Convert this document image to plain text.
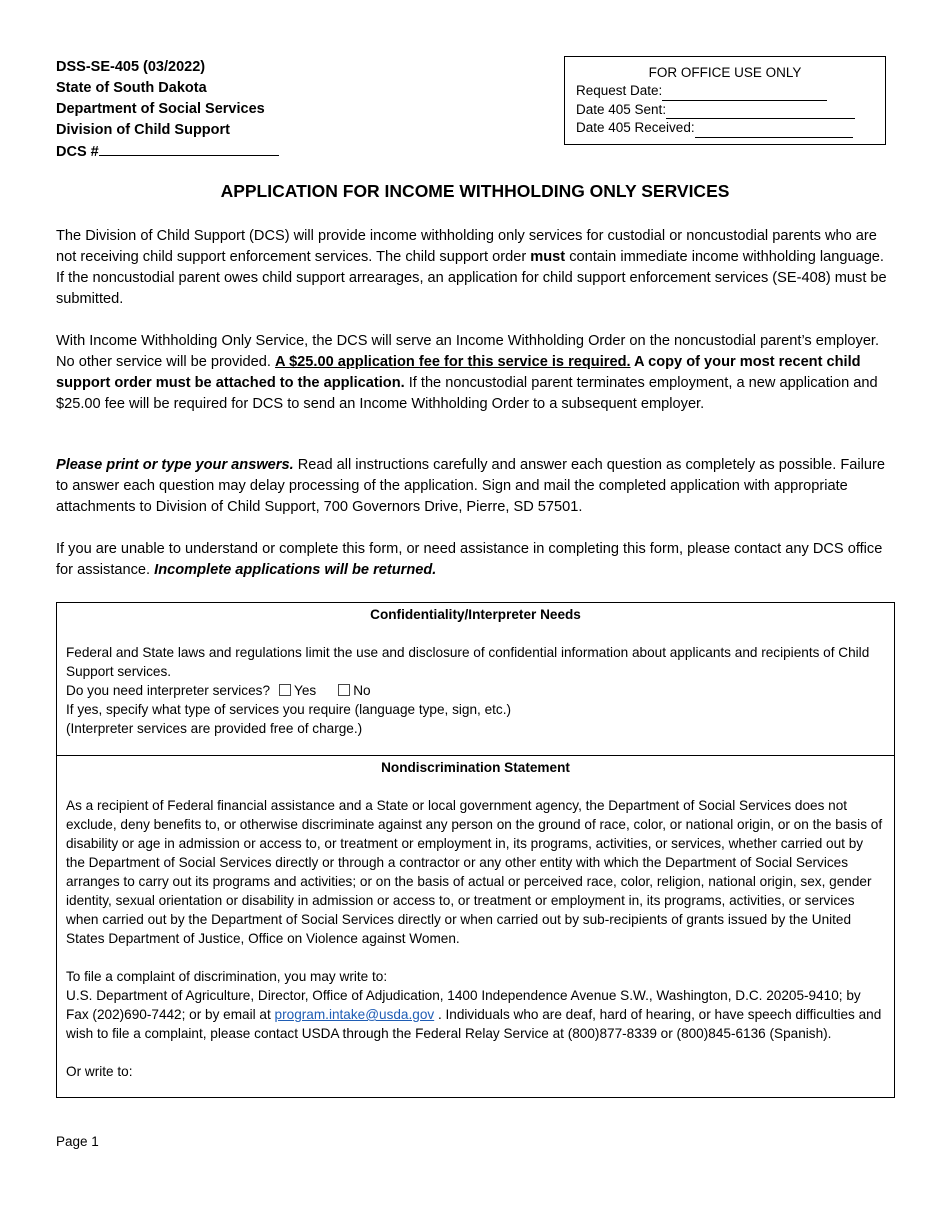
DSS-SE-405 (03/2022)
State of South Dakota
Department of Social Services
Division of Child Support
DCS #
FOR OFFICE USE ONLY
Request Date:
Date 405 Sent:
Date 405 Received:
APPLICATION FOR INCOME WITHHOLDING ONLY SERVICES

The Division of Child Support (DCS) will provide income withholding only services for custodial or noncustodial parents who are not receiving child support enforcement services. The child support order must contain immediate income withholding language. If the noncustodial parent owes child support arrearages, an application for child support enforcement services (SE-408) must be submitted.

With Income Withholding Only Service, the DCS will serve an Income Withholding Order on the noncustodial parent’s employer. No other service will be provided. A $25.00 application fee for this service is required. A copy of your most recent child support order must be attached to the application. If the noncustodial parent terminates employment, a new application and $25.00 fee will be required for DCS to send an Income Withholding Order to a subsequent employer.

Please print or type your answers. Read all instructions carefully and answer each question as completely as possible. Failure to answer each question may delay processing of the application. Sign and mail the completed application with appropriate attachments to Division of Child Support, 700 Governors Drive, Pierre, SD 57501.

If you are unable to understand or complete this form, or need assistance in completing this form, please contact any DCS office for assistance. Incomplete applications will be returned.

Confidentiality/Interpreter Needs
Federal and State laws and regulations limit the use and disclosure of confidential information about applicants and recipients of Child Support services.
Do you need interpreter services? Yes	No
If yes, specify what type of services you require (language type, sign, etc.)
(Interpreter services are provided free of charge.)
Nondiscrimination Statement
As a recipient of Federal financial assistance and a State or local government agency, the Department of Social Services does not exclude, deny benefits to, or otherwise discriminate against any person on the ground of race, color, or national origin, or on the basis of disability or age in admission or access to, or treatment or employment in, its programs, activities, or services, whether carried out by the Department of Social Services directly or through a contractor or any other entity with which the Department of Social Services arranges to carry out its programs and activities; or on the basis of actual or perceived race, color, religion, national origin, sex, gender identity, sexual orientation or disability in admission or access to, or treatment or employment in, its programs, activities, or services when carried out by the Department of Social Services directly or when carried out by sub-recipients of grants issued by the United States Department of Justice, Office on Violence against Women.
To file a complaint of discrimination, you may write to:
U.S. Department of Agriculture, Director, Office of Adjudication, 1400 Independence Avenue S.W., Washington, D.C. 20205-9410; by Fax (202)690-7442; or by email at program.intake@usda.gov . Individuals who are deaf, hard of hearing, or have speech difficulties and wish to file a complaint, please contact USDA through the Federal Relay Service at (800)877-8339 or (800)845-6136 (Spanish).
Or write to:
Page 1
